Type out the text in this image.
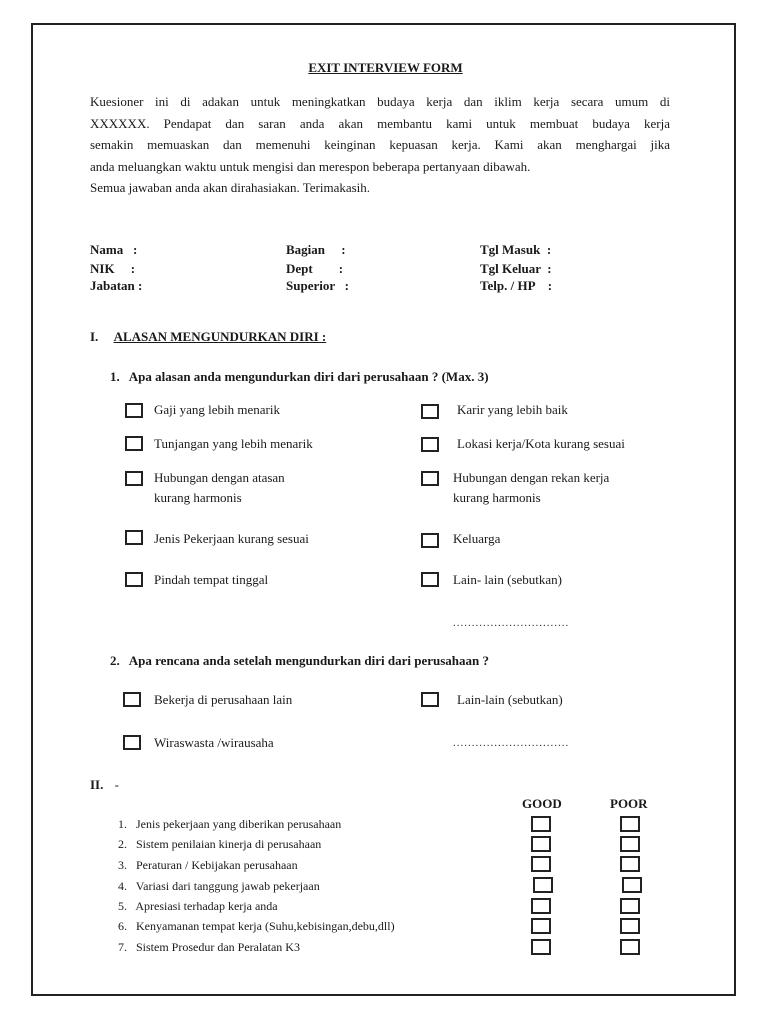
EXIT INTERVIEW FORM
Kuesioner ini di adakan untuk meningkatkan budaya kerja dan iklim kerja secara umum di
XXXXXX. Pendapat dan saran anda akan membantu kami untuk membuat budaya kerja
semakin memuaskan dan memenuhi keinginan kepuasan kerja. Kami akan menghargai jika
anda meluangkan waktu untuk mengisi dan merespon beberapa pertanyaan dibawah.
Semua jawaban anda akan dirahasiakan. Terimakasih.
Nama   :	Bagian     :	Tgl Masuk  :
NIK     :	Dept        :	Tgl Keluar  :
Jabatan :	Superior   :	Telp. / HP    :
I. ALASAN MENGUNDURKAN DIRI :
1.   Apa alasan anda mengundurkan diri dari perusahaan ? (Max. 3)
Gaji yang lebih menarik
Tunjangan yang lebih menarik
Hubungan dengan atasan
kurang harmonis
Jenis Pekerjaan kurang sesuai
Pindah tempat tinggal
Karir yang lebih baik
Lokasi kerja/Kota kurang sesuai
Hubungan dengan rekan kerja
kurang harmonis
Keluarga
Lain- lain (sebutkan)
...............................
2.   Apa rencana anda setelah mengundurkan diri dari perusahaan ?
Bekerja di perusahaan lain	Lain-lain (sebutkan)
Wiraswasta /wirausaha	...............................
II. -
GOOD	POOR
1.   Jenis pekerjaan yang diberikan perusahaan
2.   Sistem penilaian kinerja di perusahaan
3.   Peraturan / Kebijakan perusahaan
4.   Variasi dari tanggung jawab pekerjaan
5.   Apresiasi terhadap kerja anda
6.   Kenyamanan tempat kerja (Suhu,kebisingan,debu,dll)
7.   Sistem Prosedur dan Peralatan K3
